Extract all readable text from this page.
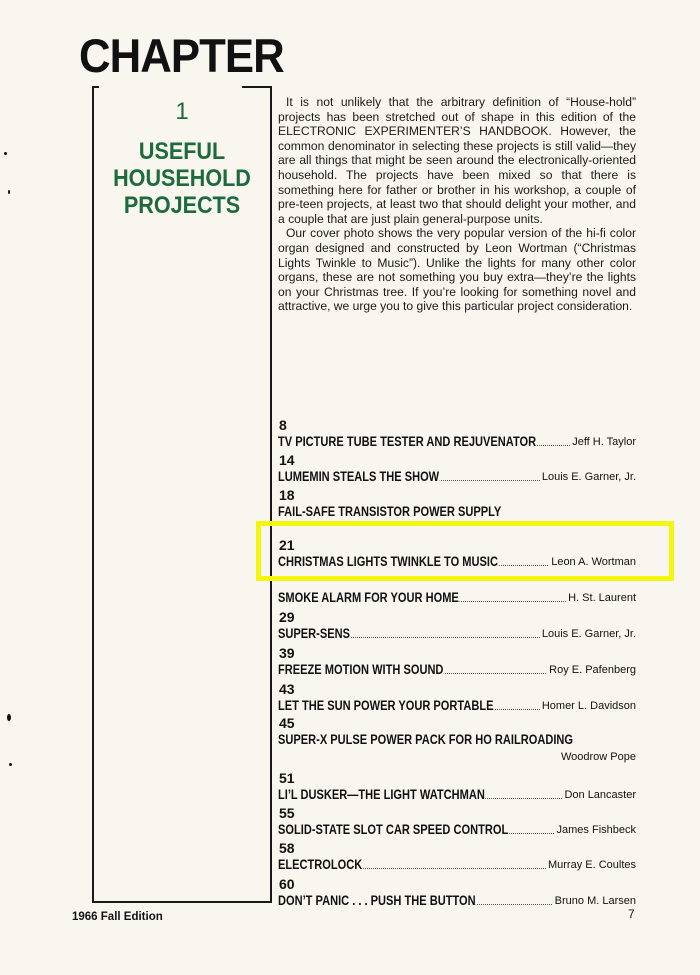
CHAPTER
1
USEFUL
HOUSEHOLD
PROJECTS

It is not unlikely that the arbitrary definition of “House-hold” projects has been stretched out of shape in this edition of the ELECTRONIC EXPERIMENTER’S HANDBOOK. However, the common denominator in selecting these projects is still valid—they are all things that might be seen around the electronically-oriented household. The projects have been mixed so that there is something here for father or brother in his workshop, a couple of pre-teen projects, at least two that should delight your mother, and a couple that are just plain general-purpose units.

Our cover photo shows the very popular version of the hi-fi color organ designed and constructed by Leon Wortman (“Christmas Lights Twinkle to Music”). Unlike the lights for many other color organs, these are not something you buy extra—they’re the lights on your Christmas tree. If you’re looking for something novel and attractive, we urge you to give this particular project consideration.

8
TV PICTURE TUBE TESTER AND REJUVENATOR	Jeff H. Taylor
14
LUMEMIN STEALS THE SHOW	Louis E. Garner, Jr.
18
FAIL-SAFE TRANSISTOR POWER SUPPLY
21
CHRISTMAS LIGHTS TWINKLE TO MUSIC	Leon A. Wortman
SMOKE ALARM FOR YOUR HOME	H. St. Laurent
29
SUPER-SENS	Louis E. Garner, Jr.
39
FREEZE MOTION WITH SOUND	Roy E. Pafenberg
43
LET THE SUN POWER YOUR PORTABLE	Homer L. Davidson
45
SUPER-X PULSE POWER PACK FOR HO RAILROADING
Woodrow Pope
51
LI’L DUSKER—THE LIGHT WATCHMAN	Don Lancaster
55
SOLID-STATE SLOT CAR SPEED CONTROL	James Fishbeck
58
ELECTROLOCK	Murray E. Coultes
60
DON’T PANIC . . . PUSH THE BUTTON	Bruno M. Larsen
1966 Fall Edition	7
